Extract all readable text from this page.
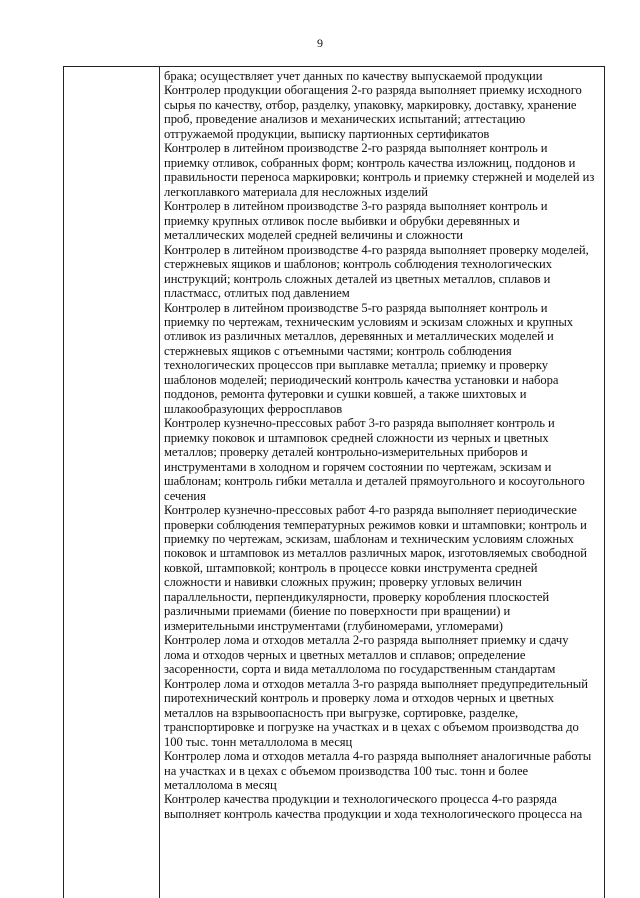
9
брака; осуществляет учет данных по качеству выпускаемой продукции
Контролер продукции обогащения 2-го разряда выполняет приемку исходного
сырья по качеству, отбор, разделку, упаковку, маркировку, доставку, хранение
проб, проведение анализов и механических испытаний; аттестацию
отгружаемой продукции, выписку партионных сертификатов
Контролер в литейном производстве 2-го разряда выполняет контроль и
приемку отливок, собранных форм; контроль качества изложниц, поддонов и
правильности переноса маркировки; контроль и приемку стержней и моделей из
легкоплавкого материала для несложных изделий
Контролер в литейном производстве 3-го разряда выполняет контроль и
приемку крупных отливок после выбивки и обрубки деревянных и
металлических моделей средней величины и сложности
Контролер в литейном производстве 4-го разряда выполняет проверку моделей,
стержневых ящиков и шаблонов; контроль соблюдения технологических
инструкций; контроль сложных деталей из цветных металлов, сплавов и
пластмасс, отлитых под давлением
Контролер в литейном производстве 5-го разряда выполняет контроль и
приемку по чертежам, техническим условиям и эскизам сложных и крупных
отливок из различных металлов, деревянных и металлических моделей и
стержневых ящиков с отъемными частями; контроль соблюдения
технологических процессов при выплавке металла; приемку и проверку
шаблонов моделей; периодический контроль качества установки и набора
поддонов, ремонта футеровки и сушки ковшей, а также шихтовых и
шлакообразующих ферросплавов
Контролер кузнечно-прессовых работ 3-го разряда выполняет контроль и
приемку поковок и штамповок средней сложности из черных и цветных
металлов; проверку деталей контрольно-измерительных приборов и
инструментами в холодном и горячем состоянии по чертежам, эскизам и
шаблонам; контроль гибки металла и деталей прямоугольного и косоугольного
сечения
Контролер кузнечно-прессовых работ 4-го разряда выполняет периодические
проверки соблюдения температурных режимов ковки и штамповки; контроль и
приемку по чертежам, эскизам, шаблонам и техническим условиям сложных
поковок и штамповок из металлов различных марок, изготовляемых свободной
ковкой, штамповкой; контроль в процессе ковки инструмента средней
сложности и навивки сложных пружин; проверку угловых величин
параллельности, перпендикулярности, проверку коробления плоскостей
различными приемами (биение по поверхности при вращении) и
измерительными инструментами (глубиномерами, угломерами)
Контролер лома и отходов металла 2-го разряда выполняет приемку и сдачу
лома и отходов черных и цветных металлов и сплавов; определение
засоренности, сорта и вида металлолома по государственным стандартам
Контролер лома и отходов металла 3-го разряда выполняет предупредительный
пиротехнический контроль и проверку лома и отходов черных и цветных
металлов на взрывоопасность при выгрузке, сортировке, разделке,
транспортировке и погрузке на участках и в цехах с объемом производства до
100 тыс. тонн металлолома в месяц
Контролер лома и отходов металла 4-го разряда выполняет аналогичные работы
на участках и в цехах с объемом производства 100 тыс. тонн и более
металлолома в месяц
Контролер качества продукции и технологического процесса 4-го разряда
выполняет контроль качества продукции и хода технологического процесса на
